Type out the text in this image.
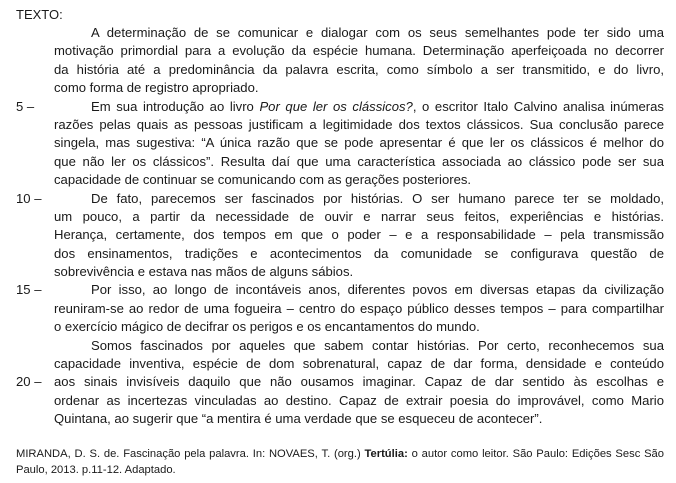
TEXTO:
A determinação de se comunicar e dialogar com os seus semelhantes pode ter sido uma
motivação primordial para a evolução da espécie humana. Determinação aperfeiçoada no decorrer
da história até a predominância da palavra escrita, como símbolo a ser transmitido, e do livro,
como forma de registro apropriado.
5 –	Em sua introdução ao livro Por que ler os clássicos?, o escritor Italo Calvino analisa inúmeras
razões pelas quais as pessoas justificam a legitimidade dos textos clássicos. Sua conclusão parece
singela, mas sugestiva: “A única razão que se pode apresentar é que ler os clássicos é melhor do
que não ler os clássicos”. Resulta daí que uma característica associada ao clássico pode ser sua
capacidade de continuar se comunicando com as gerações posteriores.
10 –	De fato, parecemos ser fascinados por histórias. O ser humano parece ter se moldado,
um pouco, a partir da necessidade de ouvir e narrar seus feitos, experiências e histórias.
Herança, certamente, dos tempos em que o poder – e a responsabilidade – pela transmissão
dos ensinamentos, tradições e acontecimentos da comunidade se configurava questão de
sobrevivência e estava nas mãos de alguns sábios.
15 –	Por isso, ao longo de incontáveis anos, diferentes povos em diversas etapas da civilização
reuniram-se ao redor de uma fogueira – centro do espaço público desses tempos – para compartilhar
o exercício mágico de decifrar os perigos e os encantamentos do mundo.
Somos fascinados por aqueles que sabem contar histórias. Por certo, reconhecemos sua
capacidade inventiva, espécie de dom sobrenatural, capaz de dar forma, densidade e conteúdo
20 – aos sinais invisíveis daquilo que não ousamos imaginar. Capaz de dar sentido às escolhas e
ordenar as incertezas vinculadas ao destino. Capaz de extrair poesia do improvável, como Mario
Quintana, ao sugerir que “a mentira é uma verdade que se esqueceu de acontecer”.
MIRANDA, D. S. de. Fascinação pela palavra. In: NOVAES, T. (org.) Tertúlia: o autor como leitor. São Paulo: Edições Sesc São Paulo, 2013. p.11-12. Adaptado.
